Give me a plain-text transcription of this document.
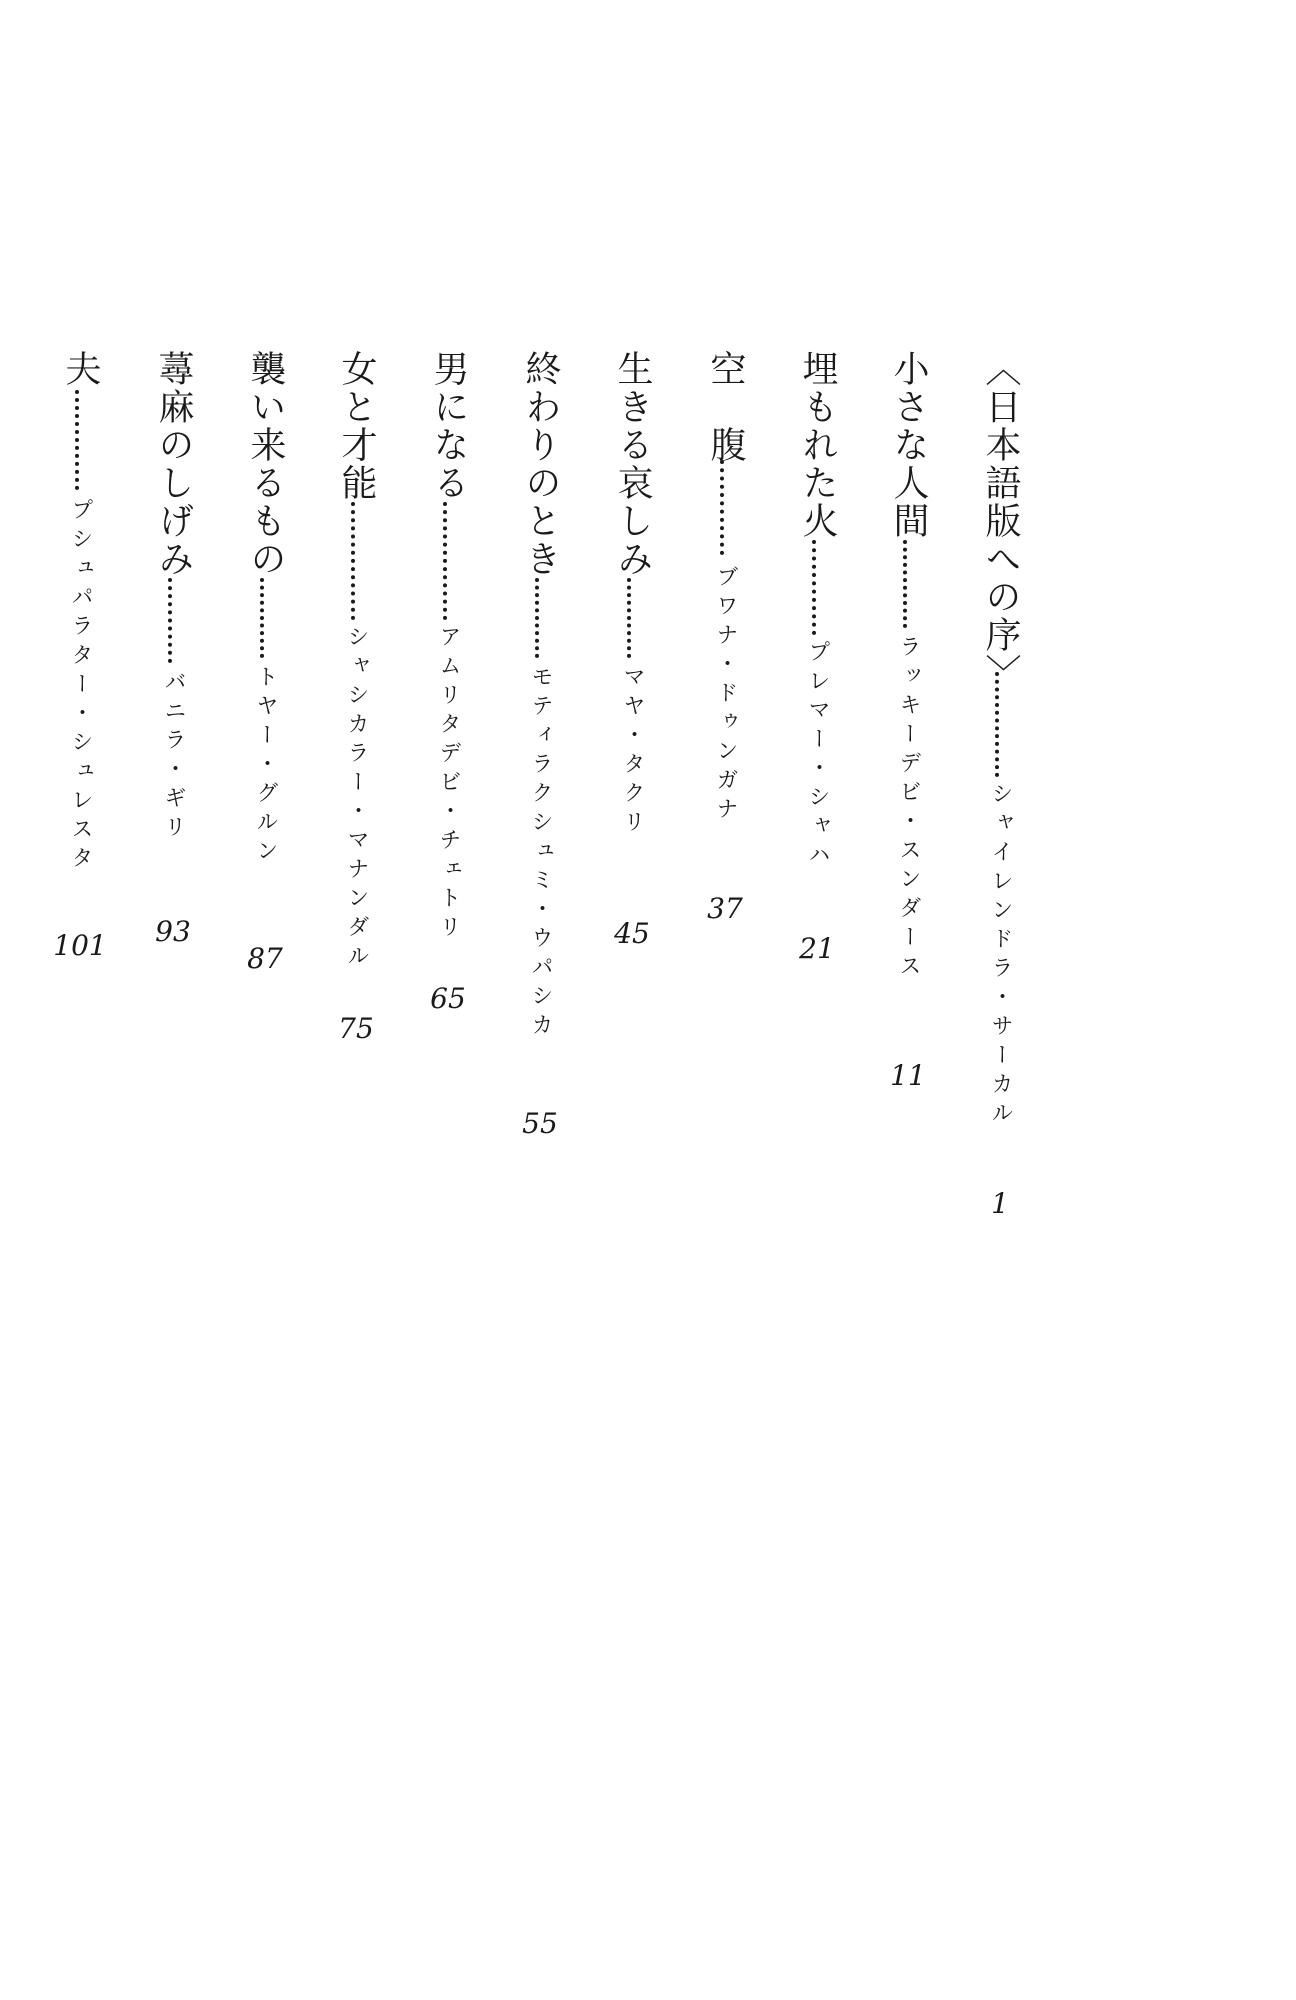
〈日本語版への序〉
シャイレンドラ・サーカル
1
小さな人間
ラッキーデビ・スンダース
11
埋もれた火
プレマー・シャハ
21
空　腹
ブワナ・ドゥンガナ
37
生きる哀しみ
マヤ・タクリ
45
終わりのとき
モティラクシュミ・ウパシカ
55
男になる
アムリタデビ・チェトリ
65
女と才能
シャシカラー・マナンダル
75
襲い来るもの
トヤー・グルン
87
蕁麻のしげみ
バニラ・ギリ
93
夫
プシュパラター・シュレスタ
101
